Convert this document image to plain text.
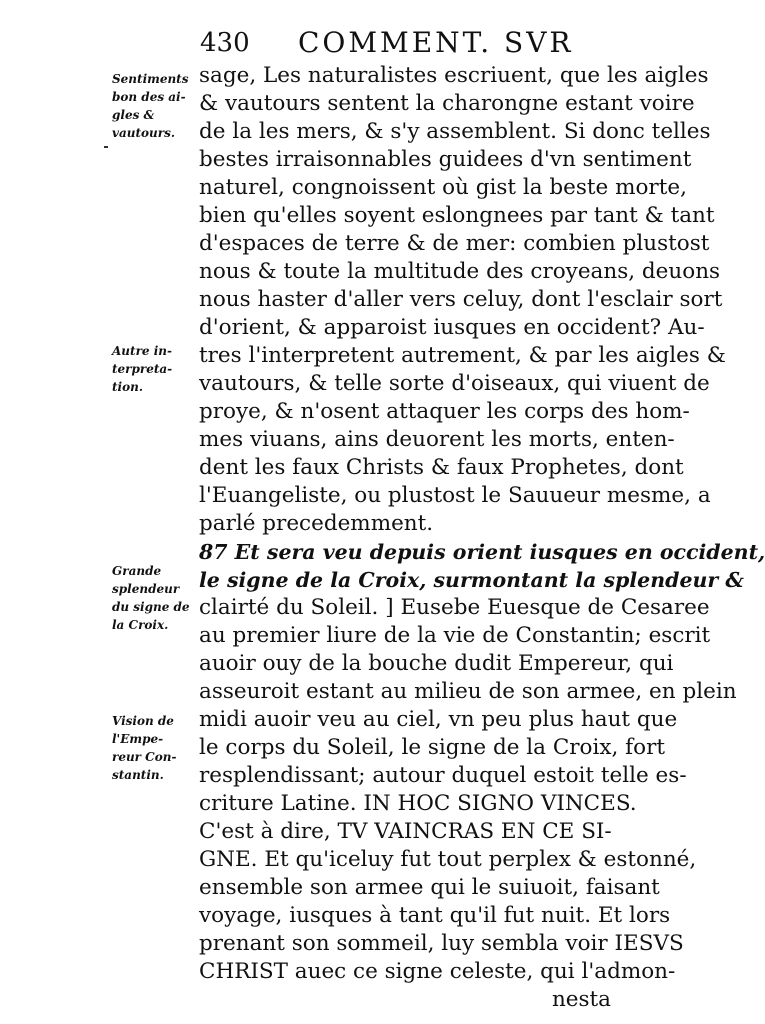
430 COMMENT. SVR
Sentiments
bon des ai-
gles &
vautours.
Autre in-
terpreta-
tion.
Grande
splendeur
du signe de
la Croix.
Vision de
l'Empe-
reur Con-
stantin.
sage, Les naturalistes escriuent, que les aigles
& vautours sentent la charongne estant voire
de la les mers, & s'y assemblent. Si donc telles
bestes irraisonnables guidees d'vn sentiment
naturel, congnoissent où gist la beste morte,
bien qu'elles soyent eslongnees par tant & tant
d'espaces de terre & de mer: combien plustost
nous & toute la multitude des croyeans, deuons
nous haster d'aller vers celuy, dont l'esclair sort
d'orient, & apparoist iusques en occident? Au-
tres l'interpretent autrement, & par les aigles &
vautours, & telle sorte d'oiseaux, qui viuent de
proye, & n'osent attaquer les corps des hom-
mes viuans, ains deuorent les morts, enten-
dent les faux Christs & faux Prophetes, dont
l'Euangeliste, ou plustost le Sauueur mesme, a
parlé precedemment.
87 Et sera veu depuis orient iusques en occident,
le signe de la Croix, surmontant la splendeur &
clairté du Soleil. ] Eusebe Euesque de Cesaree
au premier liure de la vie de Constantin; escrit
auoir ouy de la bouche dudit Empereur, qui
asseuroit estant au milieu de son armee, en plein
midi auoir veu au ciel, vn peu plus haut que
le corps du Soleil, le signe de la Croix, fort
resplendissant; autour duquel estoit telle es-
criture Latine. IN HOC SIGNO VINCES.
C'est à dire, TV VAINCRAS EN CE SI-
GNE. Et qu'iceluy fut tout perplex & estonné,
ensemble son armee qui le suiuoit, faisant
voyage, iusques à tant qu'il fut nuit. Et lors
prenant son sommeil, luy sembla voir IESVS
CHRIST auec ce signe celeste, qui l'admon-
nesta
